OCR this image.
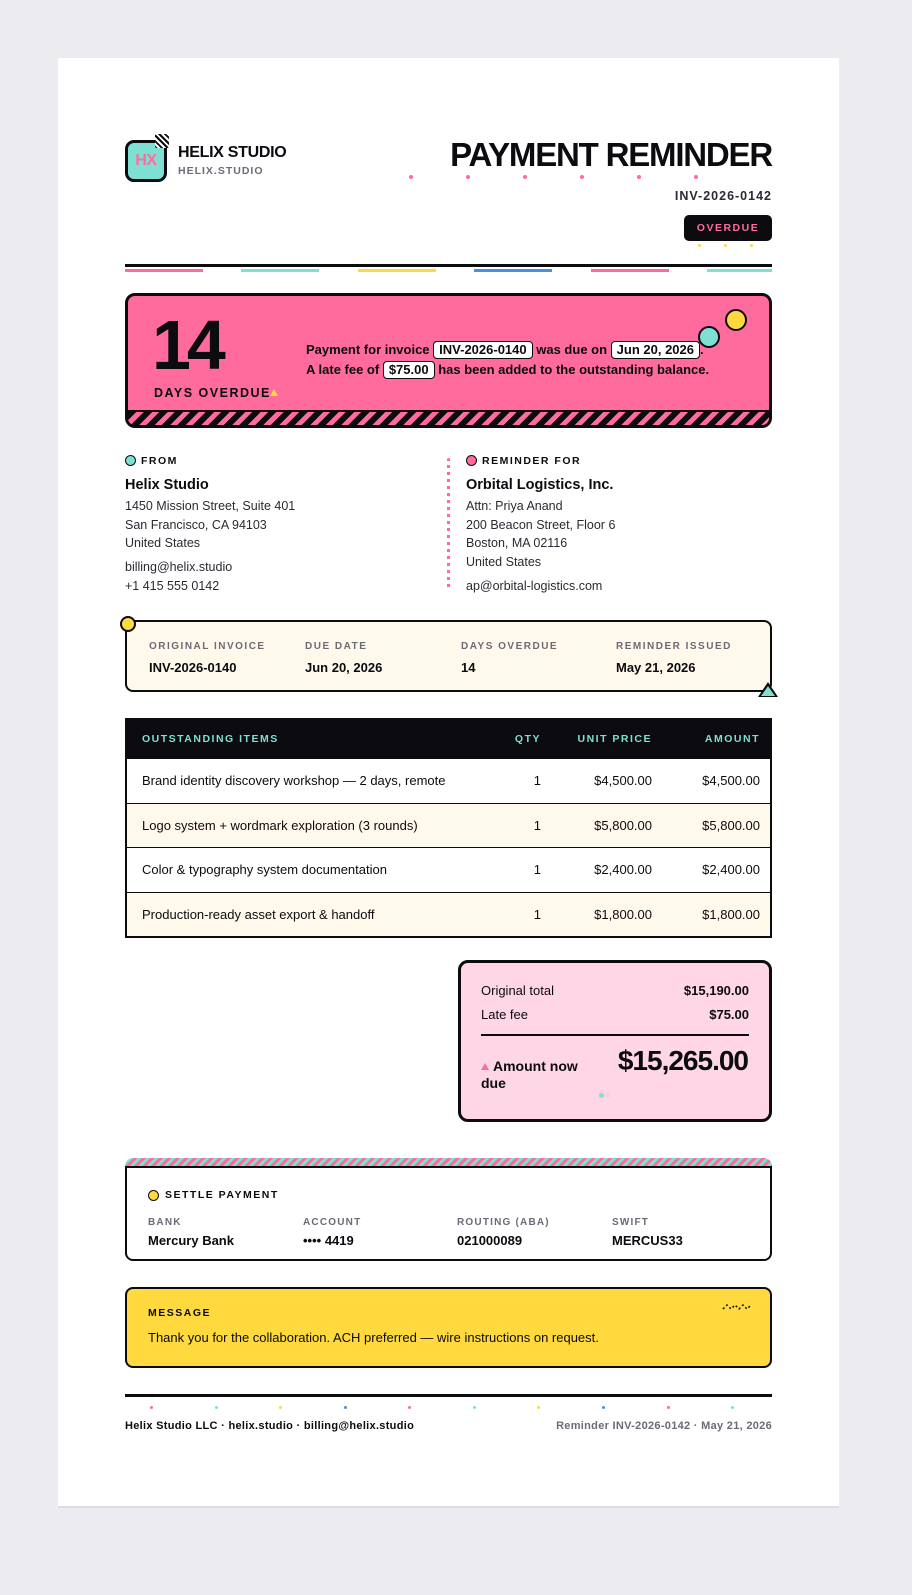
HX HELIX STUDIO
HELIX.STUDIO	PAYMENT REMINDER
INV-2026-0142
OVERDUE
14
DAYS OVERDUE
Payment for invoice INV-2026-0140 was due on Jun 20, 2026 .
A late fee of $75.00 has been added to the outstanding balance.
FROM
Helix Studio
1450 Mission Street, Suite 401
San Francisco, CA 94103
United States
billing@helix.studio
+1 415 555 0142
REMINDER FOR
Orbital Logistics, Inc.
Attn: Priya Anand
200 Beacon Street, Floor 6
Boston, MA 02116
United States
ap@orbital-logistics.com
ORIGINAL INVOICE
INV-2026-0140
DUE DATE
Jun 20, 2026
DAYS OVERDUE
14
REMINDER ISSUED
May 21, 2026
OUTSTANDING ITEMS	QTY	UNIT PRICE	AMOUNT
Brand identity discovery workshop — 2 days, remote	1	$4,500.00	$4,500.00
Logo system + wordmark exploration (3 rounds)	1	$5,800.00	$5,800.00
Color & typography system documentation	1	$2,400.00	$2,400.00
Production-ready asset export & handoff	1	$1,800.00	$1,800.00
Original total	$15,190.00
Late fee	$75.00
Amount now due
$15,265.00
SETTLE PAYMENT
BANK
Mercury Bank
ACCOUNT
•••• 4419
ROUTING (ABA)
021000089
SWIFT
MERCUS33
MESSAGE
Thank you for the collaboration. ACH preferred — wire instructions on request.
Helix Studio LLC · helix.studio · billing@helix.studio	Reminder INV-2026-0142 · May 21, 2026
